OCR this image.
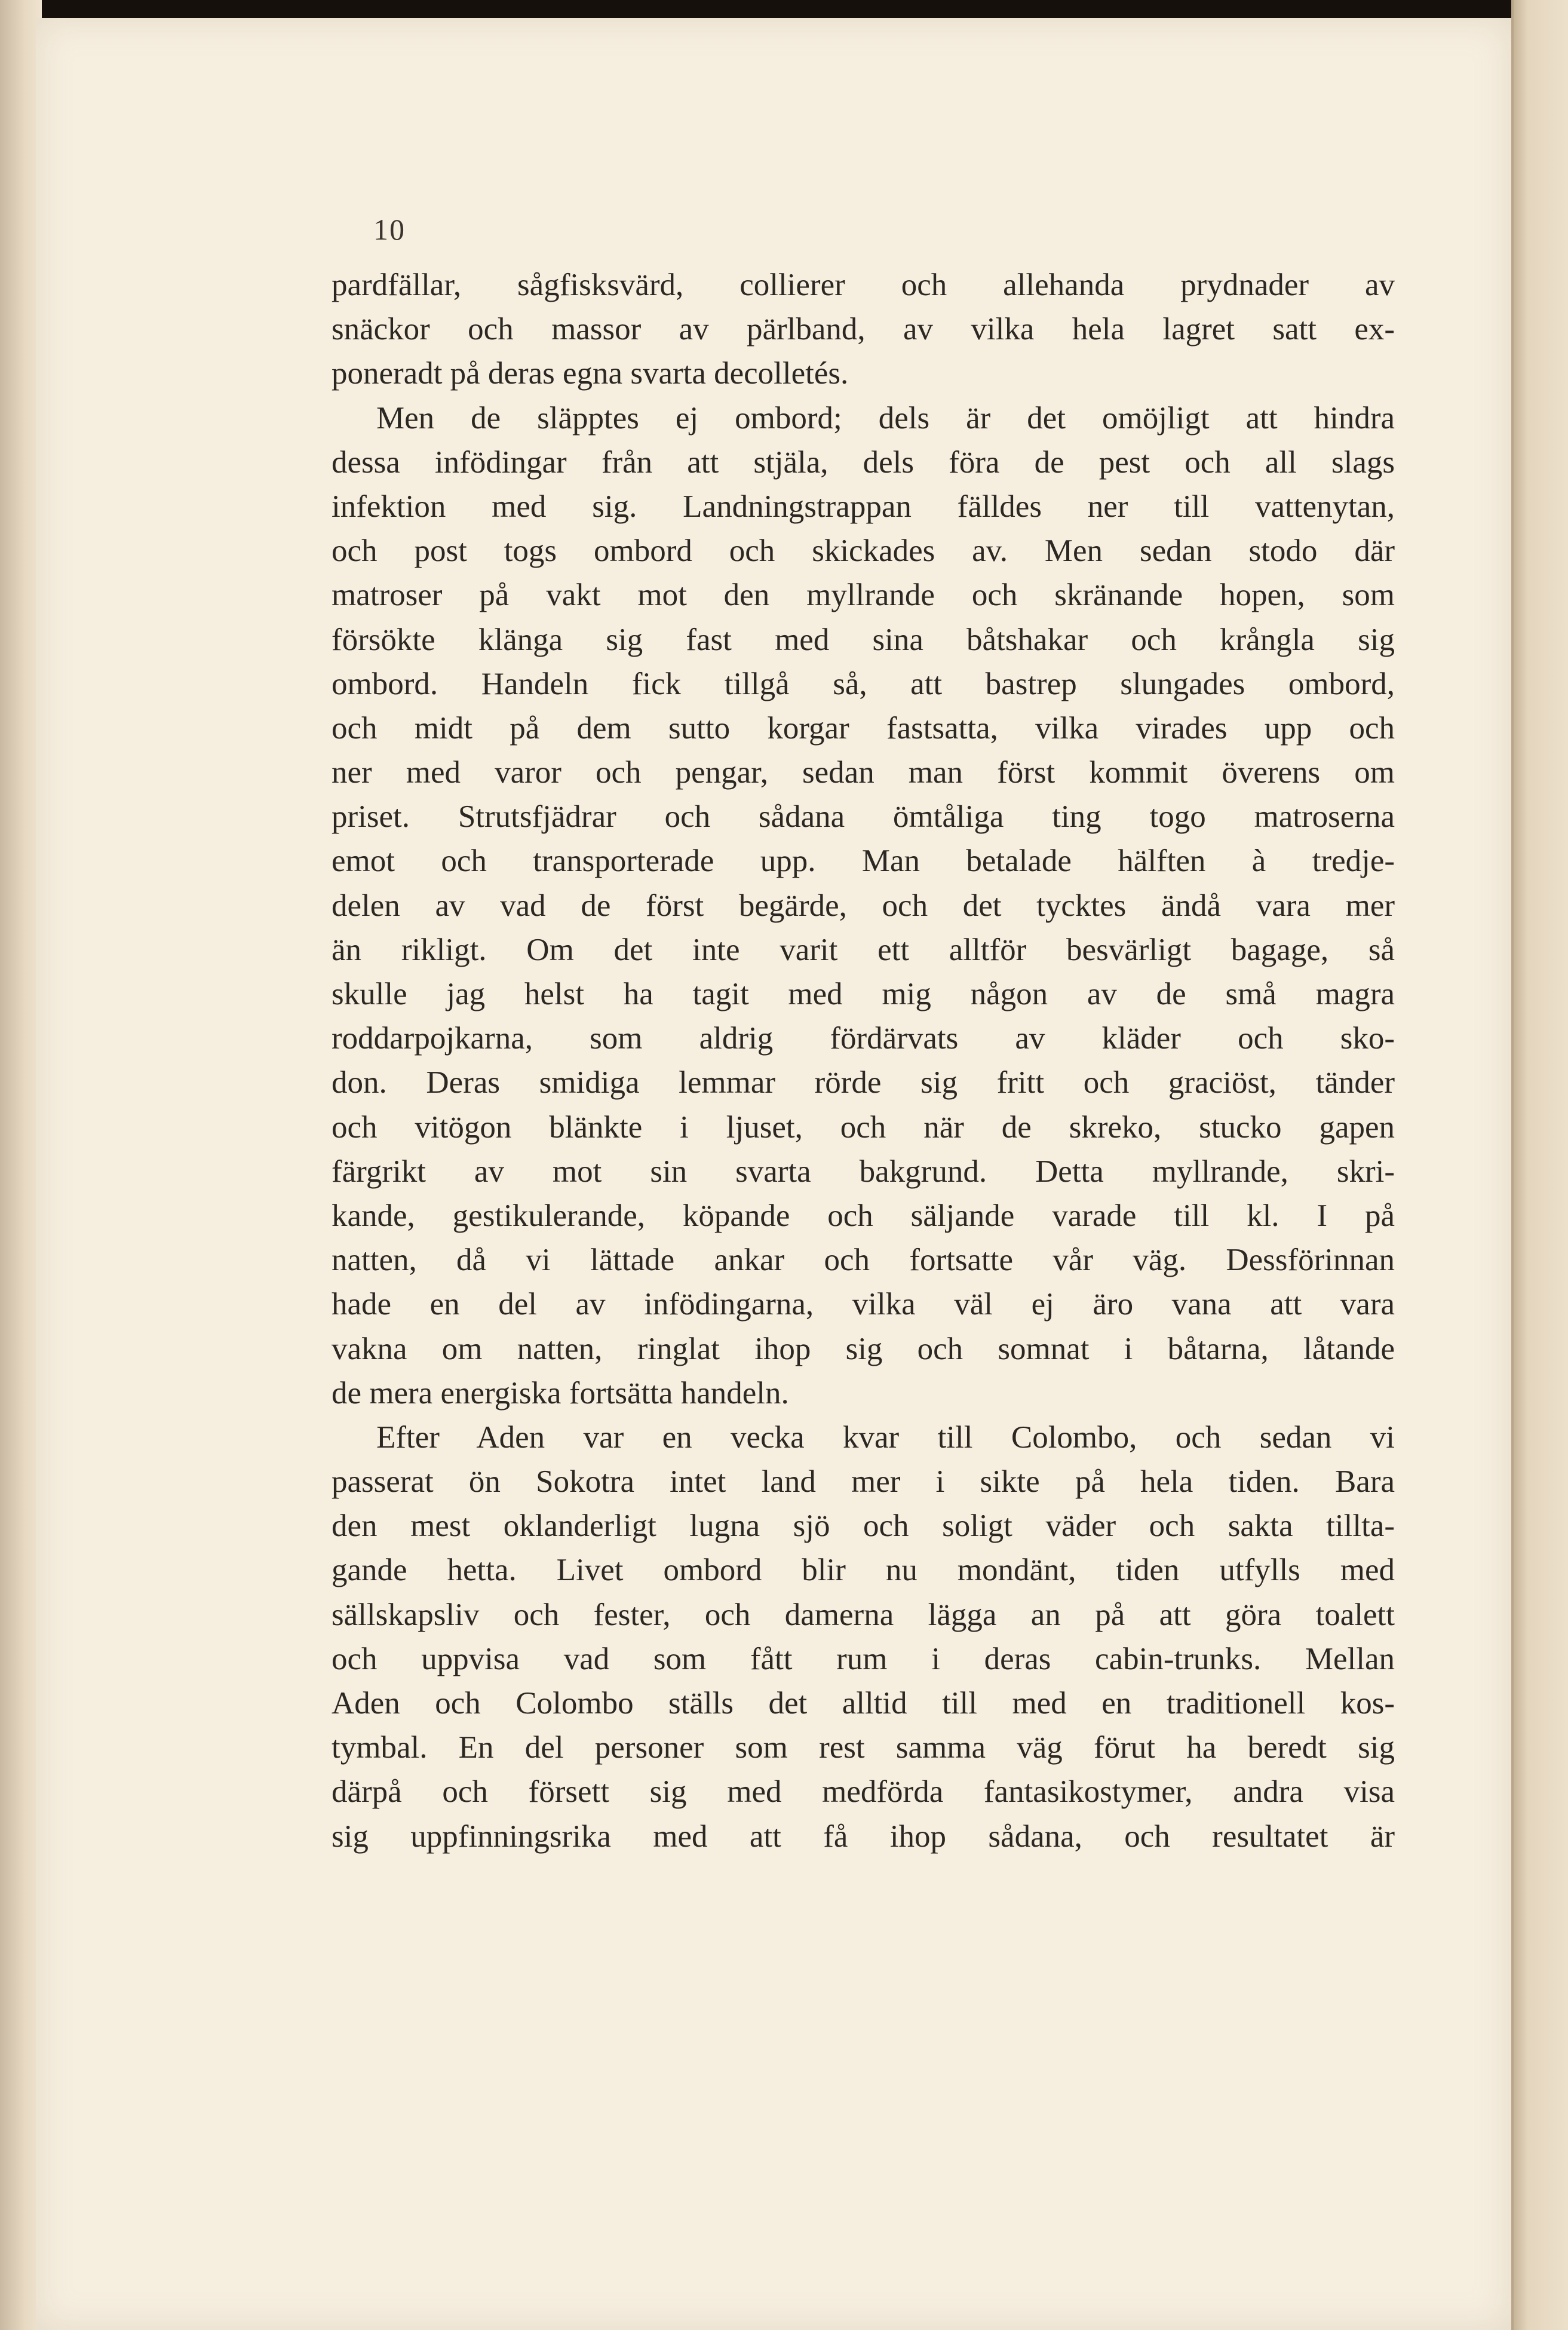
10
pardfällar, sågfisksvärd, collierer och allehanda prydnader av
snäckor och massor av pärlband, av vilka hela lagret satt ex-
poneradt på deras egna svarta decolletés.
Men de släpptes ej ombord; dels är det omöjligt att hindra
dessa infödingar från att stjäla, dels föra de pest och all slags
infektion med sig. Landningstrappan fälldes ner till vattenytan,
och post togs ombord och skickades av. Men sedan stodo där
matroser på vakt mot den myllrande och skränande hopen, som
försökte klänga sig fast med sina båtshakar och krångla sig
ombord. Handeln fick tillgå så, att bastrep slungades ombord,
och midt på dem sutto korgar fastsatta, vilka virades upp och
ner med varor och pengar, sedan man först kommit överens om
priset. Strutsfjädrar och sådana ömtåliga ting togo matroserna
emot och transporterade upp. Man betalade hälften à tredje-
delen av vad de först begärde, och det tycktes ändå vara mer
än rikligt. Om det inte varit ett alltför besvärligt bagage, så
skulle jag helst ha tagit med mig någon av de små magra
roddarpojkarna, som aldrig fördärvats av kläder och sko-
don. Deras smidiga lemmar rörde sig fritt och graciöst, tänder
och vitögon blänkte i ljuset, och när de skreko, stucko gapen
färgrikt av mot sin svarta bakgrund. Detta myllrande, skri-
kande, gestikulerande, köpande och säljande varade till kl. I på
natten, då vi lättade ankar och fortsatte vår väg. Dessförinnan
hade en del av infödingarna, vilka väl ej äro vana att vara
vakna om natten, ringlat ihop sig och somnat i båtarna, låtande
de mera energiska fortsätta handeln.
Efter Aden var en vecka kvar till Colombo, och sedan vi
passerat ön Sokotra intet land mer i sikte på hela tiden. Bara
den mest oklanderligt lugna sjö och soligt väder och sakta tillta-
gande hetta. Livet ombord blir nu mondänt, tiden utfylls med
sällskapsliv och fester, och damerna lägga an på att göra toalett
och uppvisa vad som fått rum i deras cabin-trunks. Mellan
Aden och Colombo ställs det alltid till med en traditionell kos-
tymbal. En del personer som rest samma väg förut ha beredt sig
därpå och försett sig med medförda fantasikostymer, andra visa
sig uppfinningsrika med att få ihop sådana, och resultatet är
